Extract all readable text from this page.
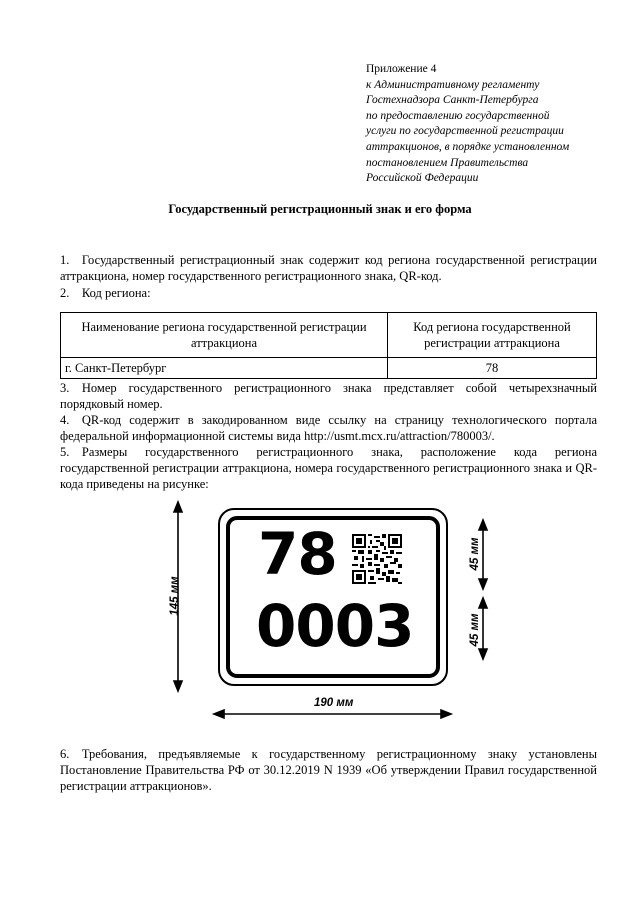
Приложение 4
к Административному регламенту
Гостехнадзора Санкт-Петербурга
по предоставлению государственной
услуги по государственной регистрации
аттракционов, в порядке установленном
постановлением Правительства
Российской Федерации
Государственный регистрационный знак и его форма
1. Государственный регистрационный знак содержит код региона государственной регистрации аттракциона, номер государственного регистрационного знака, QR-код.
2. Код региона:
Наименование региона государственной регистрации аттракциона	Код региона государственной регистрации аттракциона
г. Санкт-Петербург	78
3. Номер государственного регистрационного знака представляет собой четырехзначный порядковый номер.
4. QR-код содержит в закодированном виде ссылку на страницу технологического портала федеральной информационной системы вида http://usmt.mcx.ru/attraction/780003/.
5. Размеры государственного регистрационного знака, расположение кода региона государственной регистрации аттракциона, номера государственного регистрационного знака и QR-кода приведены на рисунке:
145 мм
190 мм
45 мм
45 мм
78
0003
6. Требования, предъявляемые к государственному регистрационному знаку установлены Постановление Правительства РФ от 30.12.2019 N 1939 «Об утверждении Правил государственной регистрации аттракционов».
